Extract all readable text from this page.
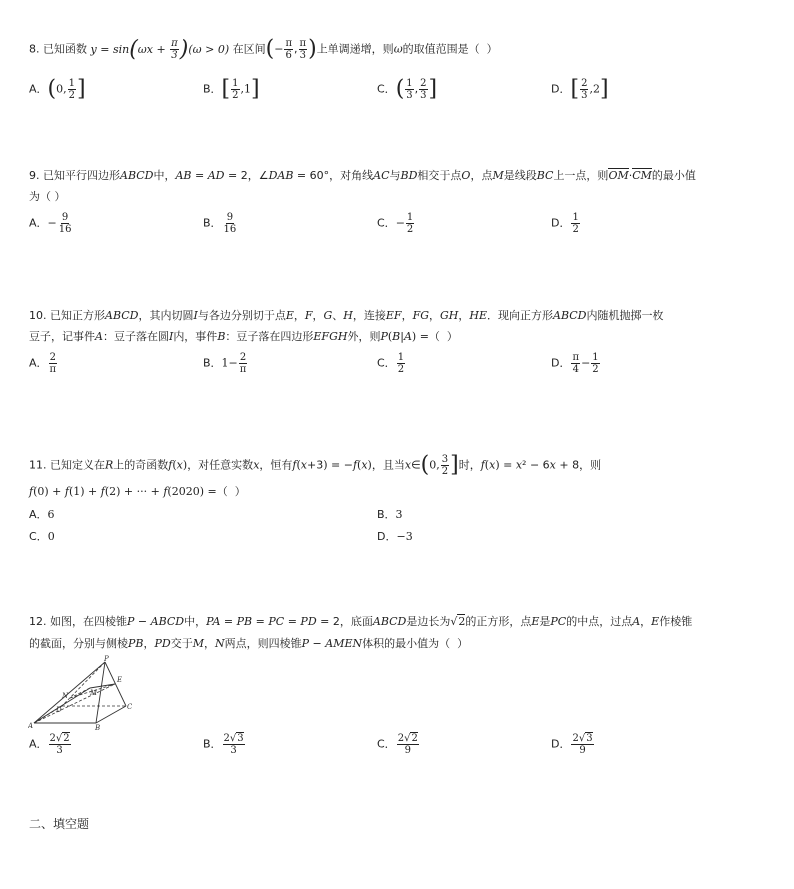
8. 已知函数 $y = \sin(\omega x + \frac{\pi}{3} )(\omega > 0)$ 在区间(− $\frac{\pi}{6}$ , $\frac{\pi}{3}$ )上单调递增，则ω的取值范围是（  ）
A．(0, $\frac{1}{2}$ ]	B．[ $\frac{1}{2} ,1$]	C．( $\frac{1}{3}$ , $\frac{2}{3}$ ]	D．[ $\frac{2}{3} ,2$]
9. 已知平行四边形ABCD中，AB = AD = 2，∠DAB = 60°，对角线AC与BD相交于点O，点M是线段BC上一点，则OM·CM的最小值
为（ ）
A．− $\frac{9}{16}$	B． $\frac{9}{16}$	C．− $\frac{1}{2}$	D． $\frac{1}{2}$
10. 已知正方形ABCD，其内切圆I与各边分别切于点E，F，G、H，连接EF，FG，GH，HE．现向正方形ABCD内随机抛掷一枚
豆子，记事件A：豆子落在圆I内，事件B：豆子落在四边形EFGH外，则P(B|A) =（  ）
A． $\frac{2}{\pi}$	B．$1- \frac{2}{\pi}$	C． $\frac{1}{2}$	D． $\frac{\pi}{4} - \frac{1}{2}$
11. 已知定义在R上的奇函数f(x)，对任意实数x，恒有f(x+3) = −f(x)，且当x∈(0, $\frac{3}{2}$ ]时，f(x) = x² − 6x + 8，则
f(0) + f(1) + f(2) + ··· + f(2020) =（  ）
A．6	B．3
C．0	D．−3
12. 如图，在四棱锥P − ABCD中，PA = PB = PC = PD = 2，底面ABCD是边长为√2的正方形，点E是PC的中点，过点A，E作棱锥
的截面，分别与侧棱PB，PD交于M，N两点，则四棱锥P − AMEN体积的最小值为（  ）
P
E
M
N
D	C
A	B
A． $\frac{2√2}{3}$	B． $\frac{2√3}{3}$	C． $\frac{2√2}{9}$	D． $\frac{2√3}{9}$
二、填空题
